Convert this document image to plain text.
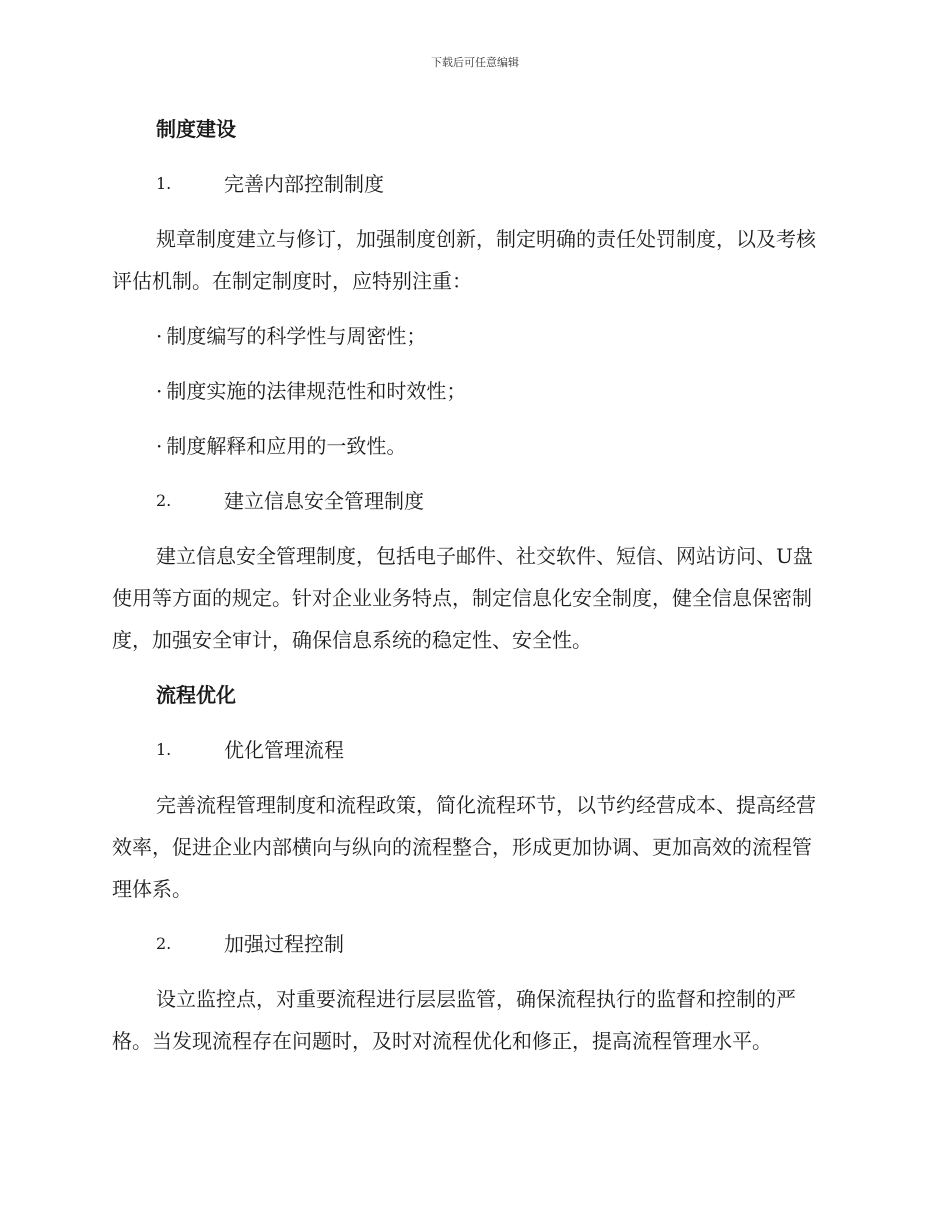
下载后可任意编辑

制度建设

1.	完善内部控制制度

规章制度建立与修订，加强制度创新，制定明确的责任处罚制度，以及考核评估机制。在制定制度时，应特别注重：

· 制度编写的科学性与周密性；

· 制度实施的法律规范性和时效性；

· 制度解释和应用的一致性。

2.	建立信息安全管理制度

建立信息安全管理制度，包括电子邮件、社交软件、短信、网站访问、U盘使用等方面的规定。针对企业业务特点，制定信息化安全制度，健全信息保密制度，加强安全审计，确保信息系统的稳定性、安全性。

流程优化

1.	优化管理流程

完善流程管理制度和流程政策，简化流程环节，以节约经营成本、提高经营效率，促进企业内部横向与纵向的流程整合，形成更加协调、更加高效的流程管理体系。

2.	加强过程控制

设立监控点，对重要流程进行层层监管，确保流程执行的监督和控制的严格。当发现流程存在问题时，及时对流程优化和修正，提高流程管理水平。
